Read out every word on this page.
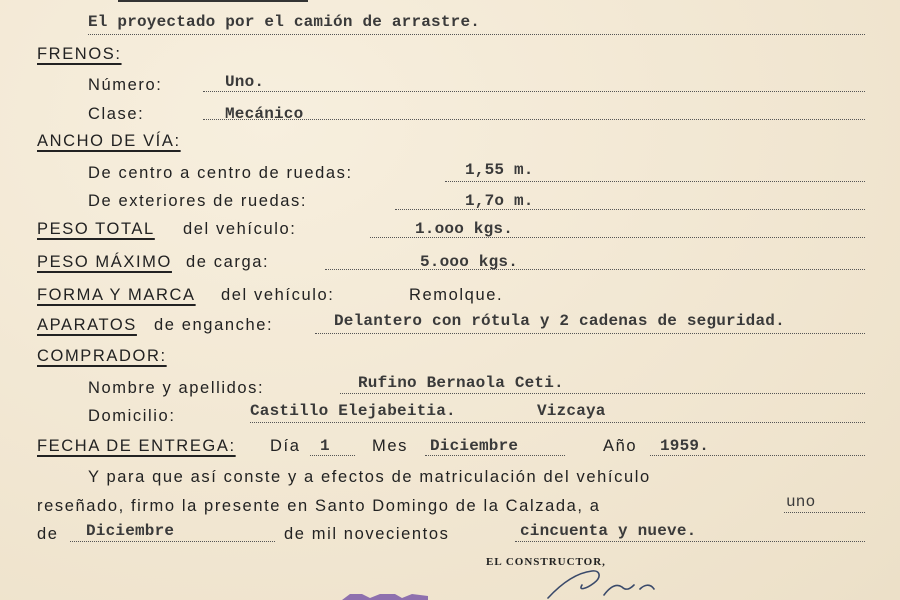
El proyectado por el camión de arrastre.
FRENOS:
Número:	Uno.
Clase:	Mecánico
ANCHO DE VÍA:
De centro a centro de ruedas:	1,55 m.
De exteriores de ruedas:	1,7o m.
PESO TOTAL del vehículo:	1.ooo kgs.
PESO MÁXIMO de carga:	5.ooo kgs.
FORMA Y MARCA del vehículo:	Remolque.
APARATOS de enganche:	Delantero con rótula y 2 cadenas de seguridad.
COMPRADOR:
Nombre y apellidos:	Rufino Bernaola Ceti.
Domicilio:	Castillo Elejabeitia.	Vizcaya
FECHA DE ENTREGA: Día 1	Mes Diciembre	Año 1959.
Y para que así conste y a efectos de matriculación del vehículo
reseñado, firmo la presente en Santo Domingo de la Calzada, a	uno
de Diciembre	de mil novecientos	cincuenta y nueve.
EL CONSTRUCTOR,
